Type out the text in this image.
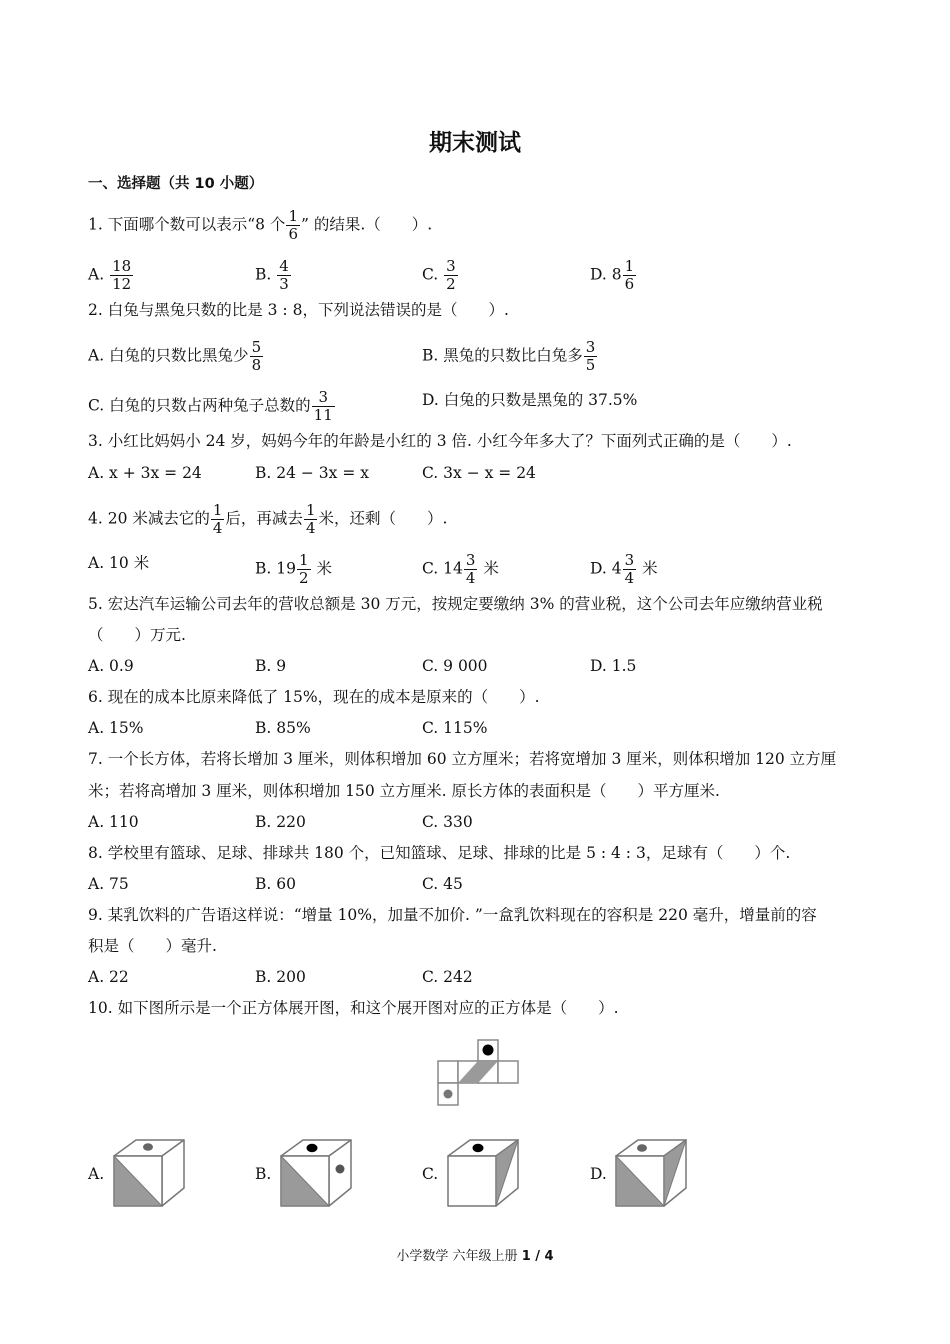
期末测试
一、选择题（共 10 小题）
1. 下面哪个数可以表示“8 个 $\frac{1}{6}$ ” 的结果.（　　）.
A. $\frac{18}{12}$	B. $\frac{4}{3}$	C. $\frac{3}{2}$	D. $8 \frac{1}{6}$
2. 白兔与黑兔只数的比是 3 : 8，下列说法错误的是（　　）.
A. 白兔的只数比黑兔少 $\frac{5}{8}$	B. 黑兔的只数比白兔多 $\frac{3}{5}$
C. 白兔的只数占两种兔子总数的 $\frac{3}{11}$	D. 白兔的只数是黑兔的 37.5%
3. 小红比妈妈小 24 岁，妈妈今年的年龄是小红的 3 倍. 小红今年多大了？下面列式正确的是（　　）.
A. x + 3x = 24	B. 24 − 3x = x	C. 3x − x = 24
4. 20 米减去它的 $\frac{1}{4}$ 后，再减去 $\frac{1}{4}$ 米，还剩（　　）.
A. 10 米	B. $19 \frac{1}{2}$ 米	C. $14 \frac{3}{4}$ 米	D. $4 \frac{3}{4}$ 米
5. 宏达汽车运输公司去年的营收总额是 30 万元，按规定要缴纳 3% 的营业税，这个公司去年应缴纳营业税
（　　）万元.
A. 0.9	B. 9	C. 9 000	D. 1.5
6. 现在的成本比原来降低了 15%，现在的成本是原来的（　　）.
A. 15%	B. 85%	C. 115%
7. 一个长方体，若将长增加 3 厘米，则体积增加 60 立方厘米；若将宽增加 3 厘米，则体积增加 120 立方厘
米；若将高增加 3 厘米，则体积增加 150 立方厘米. 原长方体的表面积是（　　）平方厘米.
A. 110	B. 220	C. 330
8. 学校里有篮球、足球、排球共 180 个，已知篮球、足球、排球的比是 5 : 4 : 3，足球有（　　）个.
A. 75	B. 60	C. 45
9. 某乳饮料的广告语这样说：“增量 10%，加量不加价. ”一盒乳饮料现在的容积是 220 毫升，增量前的容
积是（　　）毫升.
A. 22	B. 200	C. 242
10. 如下图所示是一个正方体展开图，和这个展开图对应的正方体是（　　）.
A.	B.	C.	D.
小学数学 六年级上册 1 / 4
